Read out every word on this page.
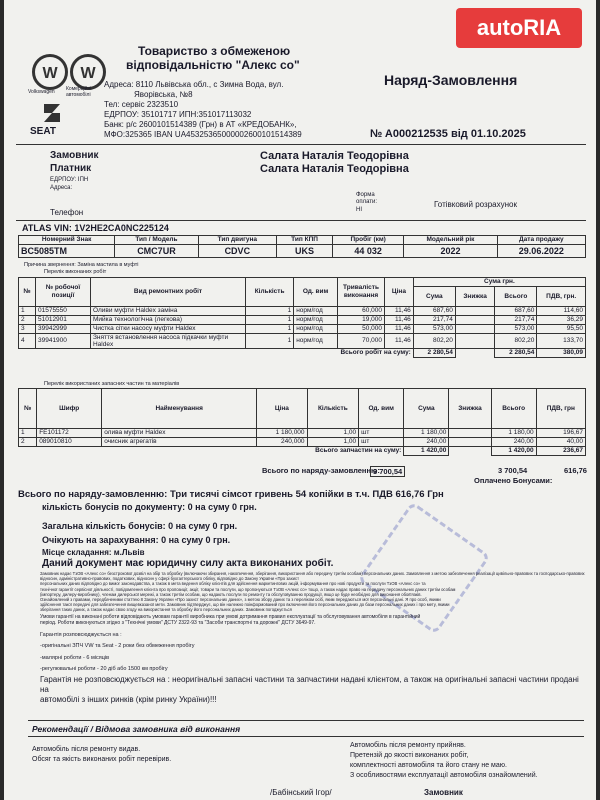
W W
Volkswagen Комерційні автомобілі
SEAT
Товариство з обмеженою
відповідальністю "Алекс со"
Адреса: 8110 Львівська обл., с Зимна Вода, вул.
Яворівська, №8
Тел: сервіс 2323510
ЕДРПОУ: 35101717 ИПН:351017113032
Банк: р/с 2600101514389 (Грн) в АТ «КРЕДОБАНК»,
МФО:325365 IBAN UA453253650000026001015143​89
autoRIA
Наряд-Замовлення
№ A000212535 від 01.10.2025
Замовник
Платник
Салата Наталія Теодорівна
Салата Наталія Теодорівна
ЕДРПОУ: ІПН
Адреса:
Форма оплати:
НІ
Готівковий розрахунок
Телефон
ATLAS VIN: 1V2HE2CA0NC225124
Номерний Знак	Тип / Модель	Тип двигуна	Тип КПП	Пробіг (км)	Модельний рік	Дата продажу
BC5085TM	CMC7UR	CDVC	UKS	44 032	2022	29.06.2022
Причина звернення: Заміна мастила в муфті
Перелік виконаних робіт
№	№ робочої позиції	Вид ремонтних робіт	Кількість	Од. вим	Тривалість виконання	Ціна	Сума грн.			
							Сума	Знижка	Всього	ПДВ, грн.
1	01575550	Оливи муфти Haldex заміна	1	норм/год	60,000	11,46	687,60		687,60	114,60
2	51012901	Мийка технологічна (легкова)	1	норм/год	19,000	11,46	217,74		217,74	36,29
3	39942999	Чистка сітки насосу муфти Haldex	1	норм/год	50,000	11,46	573,00		573,00	95,50
4	39941900	Зняття встановлення насоса підкачки муфти Haldex	1	норм/год	70,000	11,46	802,20		802,20	133,70
Всього робіт на суму:							2 280,54		2 280,54	380,09
Перелік використаних запасних частин та матеріалів
№	Шифр	Найменування	Ціна	Кількість	Од. вим	Сума	Знижка	Всього	ПДВ, грн
1	FE101172	олива муфти Haldex	1 180,000	1,00	шт	1 180,00		1 180,00	196,67
2	089010810	очисник агрегатів	240,000	1,00	шт	240,00		240,00	40,00
Всього запчастин на суму:						1 420,00		1 420,00	236,67
Всього по наряду-замовленню:
3 700,54	3 700,54	616,76
Оплачено Бонусами:
Всього по наряду-замовленню: Три тисячі сімсот гривень 54 копійки в т.ч. ПДВ 616,76 Грн
кількість бонусів по документу: 0 на суму 0 грн.
Загальна кількість бонусів: 0 на суму 0 грн.
Очікують на зарахування: 0 на суму 0 грн.
Місце складання: м.Львів
Даний документ має юридичну силу акта виконаних робіт.
Замовник надає ТзОВ «Алекс со» безстрокової дозвіл на збір та обробку (включаючи збирання, накопичення, зберігання, використання або передачу третім особам) персональних даних. Замовлення з метою забезпечення реалізації цивільно-правових та господарсько-правових відносин, адміністративно-правових, податкових, відносин у сфері бухгалтерського обліку, відповідно до Закону України «Про захист
персональних даних відповідно до вимог законодавства, а також в мета ведення обліку клієнтів для здійснення маркетингових акцій, інформування про нові продукти та послуги ТзОВ «Алекс со» та
технічної гарантії сервісної діяльності, повідомлення клієнта про пропозиції, акції, товари та послуги, що пропонуються ТзОВ «Алекс со» тощо, а також надає право на передачу персональних даних третім особам
(імпортеру, дилеру-виробнику), членам дилерської мережі, а також третім особам, що надають послуги по ремонту та обслуговуванню продукції, якщо це буде необхідно для виконання обов'язків.
Ознайомлений з правами, передбаченими статтею 8 Закону України «Про захист персональних даних», з метою збору даних та з переліком осіб, яким передаються мої персональні дані. Я про особ, якими
здійснення такої передачі для забезпечення вищевказаної мети. Замовник підтверджує, що він належно поінформований про включення його персональних даних до бази персональних даних і про мету, якими
зберігання таких даних, а також надає свою згоду на використання та обробку його персональних даних. Замовник погоджується
Умови гарантії на виконані роботи відповідають умовам гарантії виробника при умові дотримання правил експлуатації та обслуговування автомобіля в гарантійний
період. Роботи виконуються згідно з "Технічні умови" ДСТУ 2322-93 та "Засоби транспортні та дорожні" ДСТУ 3649-97.
Гарантія розповсюджується на :
-оригінальні ЗПЧ VW та Seat - 2 роки без обмеження пробігу
-малярні роботи - 6 місяців
-регулювальні роботи - 20 діб або 1500 км пробігу
Гарантія не розповсюджується на : неоригінальні запасні частини та запчастини надані клієнтом, а також на оригінальні запасні частини продані на
автомобілі з інших ринків (крім ринку України)!!!
Рекомендації / Відмова замовника від виконання
Автомобіль після ремонту видав.
Обсяг та якість виконаних робіт перевірив.
Автомобіль після ремонту прийняв.
Претензій до якості виконаних робіт,
комплектності автомобіля та його стану не маю.
З особливостями експлуатації автомобіля ознайомлений.
/Бабінський Ігор/	Замовник
